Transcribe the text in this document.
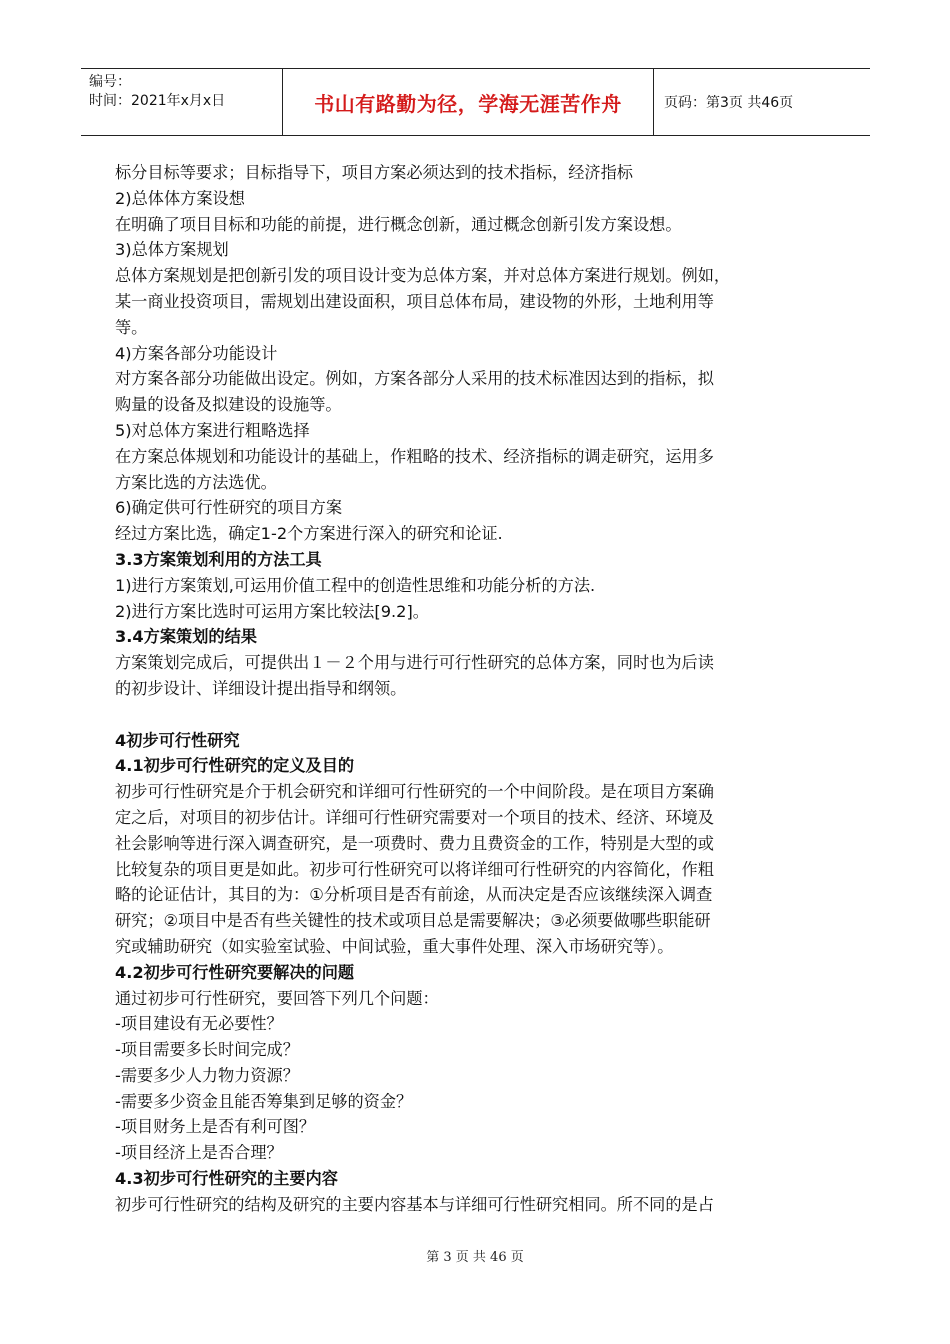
编号：
时间：2021年x月x日	书山有路勤为径，学海无涯苦作舟	页码：第3页 共46页
标分目标等要求；目标指导下，项目方案必须达到的技术指标，经济指标
2)总体体方案设想
在明确了项目目标和功能的前提，进行概念创新，通过概念创新引发方案设想。
3)总体方案规划
总体方案规划是把创新引发的项目设计变为总体方案，并对总体方案进行规划。例如，
某一商业投资项目，需规划出建设面积，项目总体布局，建设物的外形，土地利用等
等。
4)方案各部分功能设计
对方案各部分功能做出设定。例如，方案各部分人采用的技术标准因达到的指标，拟
购量的设备及拟建设的设施等。
5)对总体方案进行粗略选择
在方案总体规划和功能设计的基础上，作粗略的技术、经济指标的调走研究，运用多
方案比选的方法选优。
6)确定供可行性研究的项目方案
经过方案比选，确定1-2个方案进行深入的研究和论证.
3.3方案策划利用的方法工具
1)进行方案策划,可运用价值工程中的创造性思维和功能分析的方法.
2)进行方案比选时可运用方案比较法[9.2]。
3.4方案策划的结果
方案策划完成后，可提供出１－２个用与进行可行性研究的总体方案，同时也为后读
的初步设计、详细设计提出指导和纲领。
4初步可行性研究
4.1初步可行性研究的定义及目的
初步可行性研究是介于机会研究和详细可行性研究的一个中间阶段。是在项目方案确
定之后，对项目的初步估计。详细可行性研究需要对一个项目的技术、经济、环境及
社会影响等进行深入调查研究，是一项费时、费力且费资金的工作，特别是大型的或
比较复杂的项目更是如此。初步可行性研究可以将详细可行性研究的内容简化，作粗
略的论证估计，其目的为：①分析项目是否有前途，从而决定是否应该继续深入调查
研究；②项目中是否有些关键性的技术或项目总是需要解决；③必须要做哪些职能研
究或辅助研究（如实验室试验、中间试验，重大事件处理、深入市场研究等）。
4.2初步可行性研究要解决的问题
通过初步可行性研究，要回答下列几个问题：
-项目建设有无必要性？
-项目需要多长时间完成？
-需要多少人力物力资源？
-需要多少资金且能否筹集到足够的资金？
-项目财务上是否有利可图？
-项目经济上是否合理？
4.3初步可行性研究的主要内容
初步可行性研究的结构及研究的主要内容基本与详细可行性研究相同。所不同的是占
第 3 页 共 46 页
